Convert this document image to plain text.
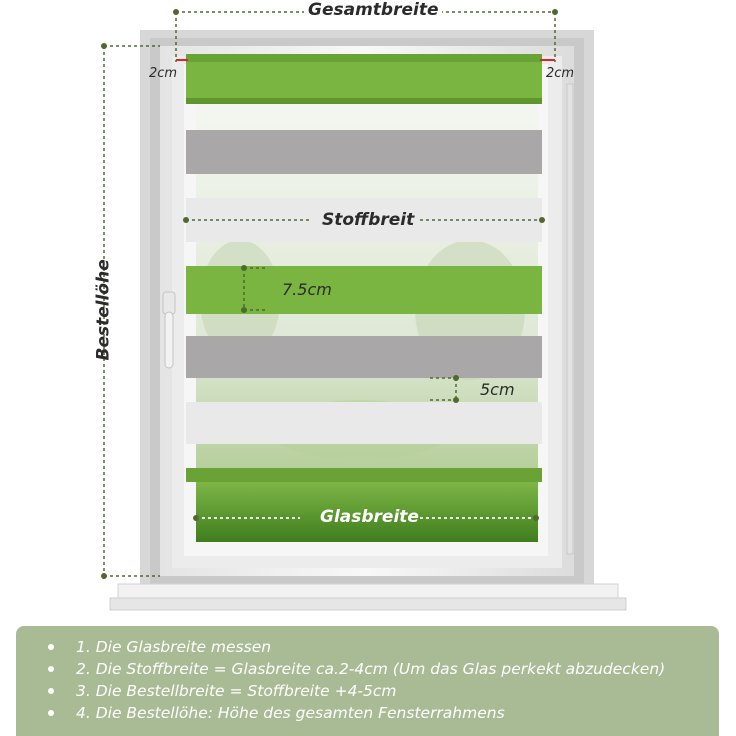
Gesamtbreite
2cm	2cm
Stoffbreit
7.5cm
5cm
Glasbreite
Bestellöhe
1. Die Glasbreite messen
2. Die Stoffbreite = Glasbreite ca.2-4cm (Um das Glas perkekt abzudecken)
3. Die Bestellbreite = Stoffbreite +4-5cm
4. Die Bestellöhe: Höhe des gesamten Fensterrahmens
